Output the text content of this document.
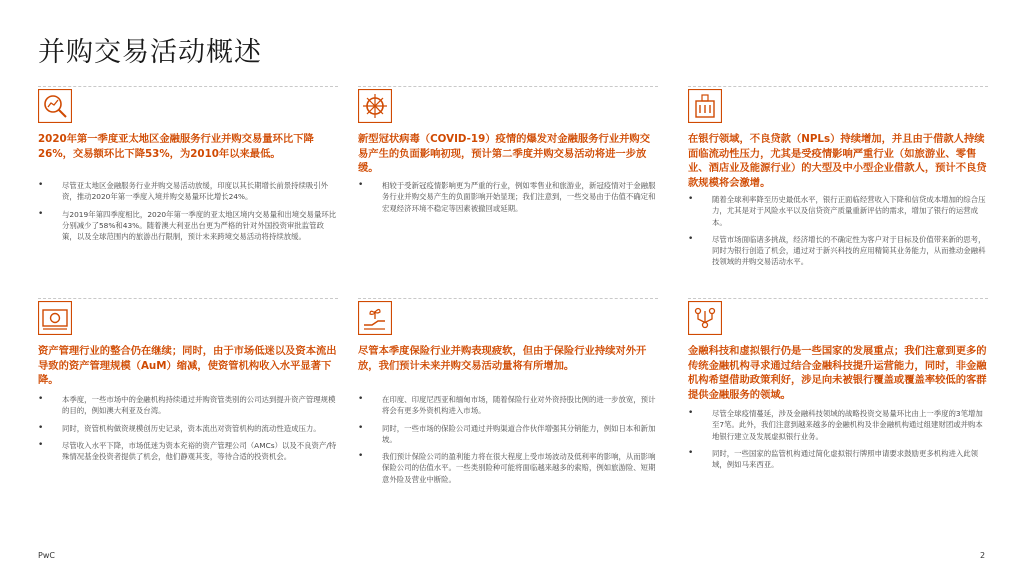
并购交易活动概述
2020年第一季度亚太地区金融服务行业并购交易量环比下降26%，交易额环比下降53%，为2010年以来最低。
•	尽管亚太地区金融服务行业并购交易活动放缓，印度以其长期增长前景持续吸引外资，推动2020年第一季度入境并购交易量环比增长24%。
•	与2019年第四季度相比，2020年第一季度的亚太地区境内交易量和出境交易量环比分别减少了58%和43%。随着澳大利亚出台更为严格的针对外国投资审批监管政策，以及全球范围内的旅游出行限制，预计未来跨境交易活动将持续放缓。
新型冠状病毒（COVID-19）疫情的爆发对金融服务行业并购交易产生的负面影响初现，预计第二季度并购交易活动将进一步放缓。
•	相较于受新冠疫情影响更为严重的行业，例如零售业和旅游业，新冠疫情对于金融服务行业并购交易产生的负面影响开始显现；我们注意到，一些交易由于估值不确定和宏观经济环境不稳定等因素被撤回或延期。
在银行领域，不良贷款（NPLs）持续增加，并且由于借款人持续面临流动性压力，尤其是受疫情影响严重行业（如旅游业、零售业、酒店业及能源行业）的大型及中小型企业借款人，预计不良贷款规模将会激增。
•	随着全球利率降至历史最低水平，银行正面临经营收入下降和信贷成本增加的综合压力，尤其是对于风险水平以及信贷资产质量重新评估的需求，增加了银行的运营成本。
•	尽管市场面临诸多挑战，经济增长的不确定性为客户对于目标及价值带来新的思考，同时为银行创造了机会，通过对于新兴科技的应用精简其业务能力，从而推动金融科技领域的并购交易活动水平。
资产管理行业的整合仍在继续；同时，由于市场低迷以及资本流出导致的资产管理规模（AuM）缩减，使资管机构收入水平显著下降。
•	本季度，一些市场中的金融机构持续通过并购资管类别的公司达到提升资产管理规模的目的，例如澳大利亚及台湾。
•	同时，资管机构做资规模创历史记录，资本流出对资管机构的流动性造成压力。
•	尽管收入水平下降，市场低迷为资本充裕的资产管理公司（AMCs）以及不良资产/特殊情况基金投资者提供了机会，他们静观其变，等待合适的投资机会。
尽管本季度保险行业并购表现疲软，但由于保险行业持续对外开放，我们预计未来并购交易活动量将有所增加。
•	在印度、印度尼西亚和缅甸市场，随着保险行业对外资持股比例的进一步放宽，预计将会有更多外资机构进入市场。
•	同时，一些市场的保险公司通过并购渠道合作伙伴增强其分销能力，例如日本和新加坡。
•	我们预计保险公司的盈利能力将在很大程度上受市场波动及低利率的影响，从而影响保险公司的估值水平。一些类别险种可能将面临越来越多的索赔，例如旅游险、短期意外险及营业中断险。
金融科技和虚拟银行仍是一些国家的发展重点；我们注意到更多的传统金融机构寻求通过结合金融科技提升运营能力，同时，非金融机构希望借助政策利好，涉足向未被银行覆盖或覆盖率较低的客群提供金融服务的领域。
•	尽管全球疫情蔓延，涉及金融科技领域的战略投资交易量环比由上一季度的3笔增加至7笔。此外，我们注意到越来越多的金融机构及非金融机构通过组建财团或并购本地银行建立及发展虚拟银行业务。
•	同时，一些国家的监管机构通过简化虚拟银行牌照申请要求鼓励更多机构进入此领域，例如马来西亚。
PwC	2
